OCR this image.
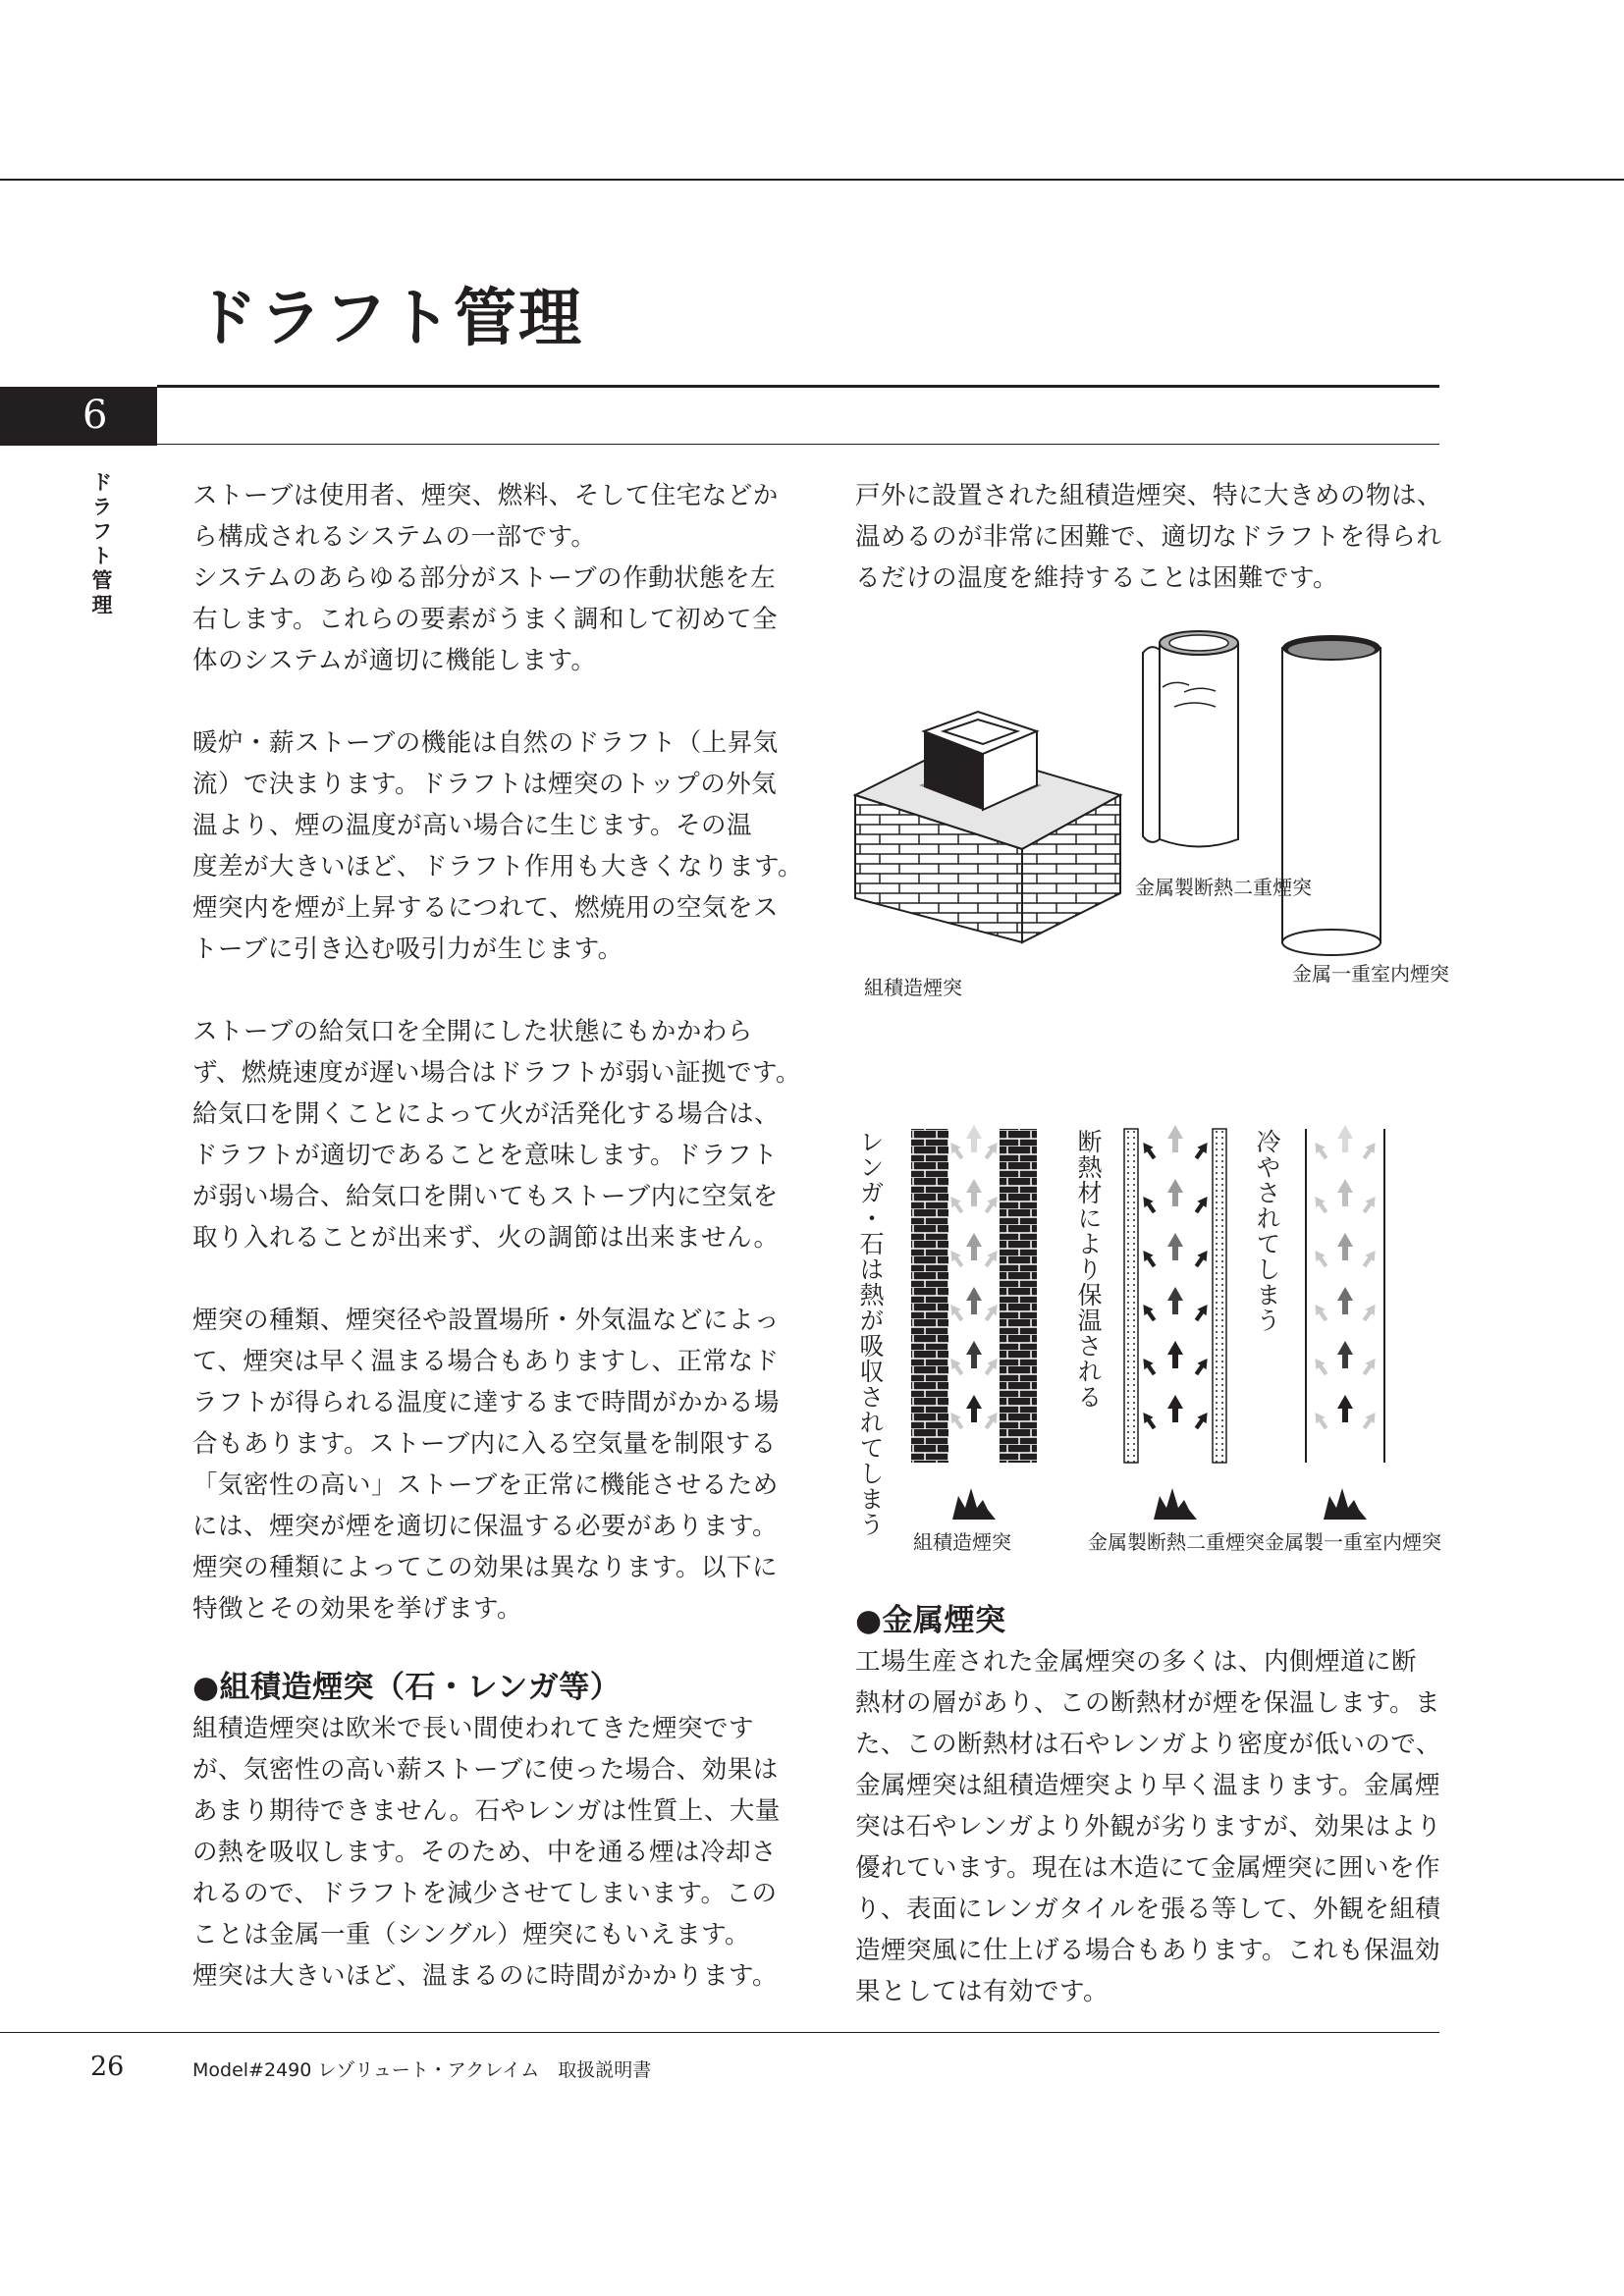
ドラフト管理
6
ドラフト管理	ストーブは使用者、煙突、燃料、そして住宅などか
ら構成されるシステムの一部です。
システムのあらゆる部分がストーブの作動状態を左
右します。これらの要素がうまく調和して初めて全
体のシステムが適切に機能します。
暖炉・薪ストーブの機能は自然のドラフト（上昇気
流）で決まります。ドラフトは煙突のトップの外気
温より、煙の温度が高い場合に生じます。その温
度差が大きいほど、ドラフト作用も大きくなります。
煙突内を煙が上昇するにつれて、燃焼用の空気をス
トーブに引き込む吸引力が生じます。
ストーブの給気口を全開にした状態にもかかわら
ず、燃焼速度が遅い場合はドラフトが弱い証拠です。
給気口を開くことによって火が活発化する場合は、
ドラフトが適切であることを意味します。ドラフト
が弱い場合、給気口を開いてもストーブ内に空気を
取り入れることが出来ず、火の調節は出来ません。
煙突の種類、煙突径や設置場所・外気温などによっ
て、煙突は早く温まる場合もありますし、正常なド
ラフトが得られる温度に達するまで時間がかかる場
合もあります。ストーブ内に入る空気量を制限する
「気密性の高い」ストーブを正常に機能させるため
には、煙突が煙を適切に保温する必要があります。
煙突の種類によってこの効果は異なります。以下に
特徴とその効果を挙げます。
●組積造煙突（石・レンガ等）
組積造煙突は欧米で長い間使われてきた煙突です
が、気密性の高い薪ストーブに使った場合、効果は
あまり期待できません。石やレンガは性質上、大量
の熱を吸収します。そのため、中を通る煙は冷却さ
れるので、ドラフトを減少させてしまいます。この
ことは金属一重（シングル）煙突にもいえます。
煙突は大きいほど、温まるのに時間がかかります。
戸外に設置された組積造煙突、特に大きめの物は、
温めるのが非常に困難で、適切なドラフトを得られ
るだけの温度を維持することは困難です。
金属製断熱二重煙突
金属一重室内煙突
組積造煙突
レンガ・石は熱が吸収されてしまう	断熱材により保温される	冷やされてしまう
組積造煙突	金属製断熱二重煙突 金属製一重室内煙突
●金属煙突
工場生産された金属煙突の多くは、内側煙道に断
熱材の層があり、この断熱材が煙を保温します。ま
た、この断熱材は石やレンガより密度が低いので、
金属煙突は組積造煙突より早く温まります。金属煙
突は石やレンガより外観が劣りますが、効果はより
優れています。現在は木造にて金属煙突に囲いを作
り、表面にレンガタイルを張る等して、外観を組積
造煙突風に仕上げる場合もあります。これも保温効
果としては有効です。
26	Model#2490 レゾリュート・アクレイム　取扱説明書
